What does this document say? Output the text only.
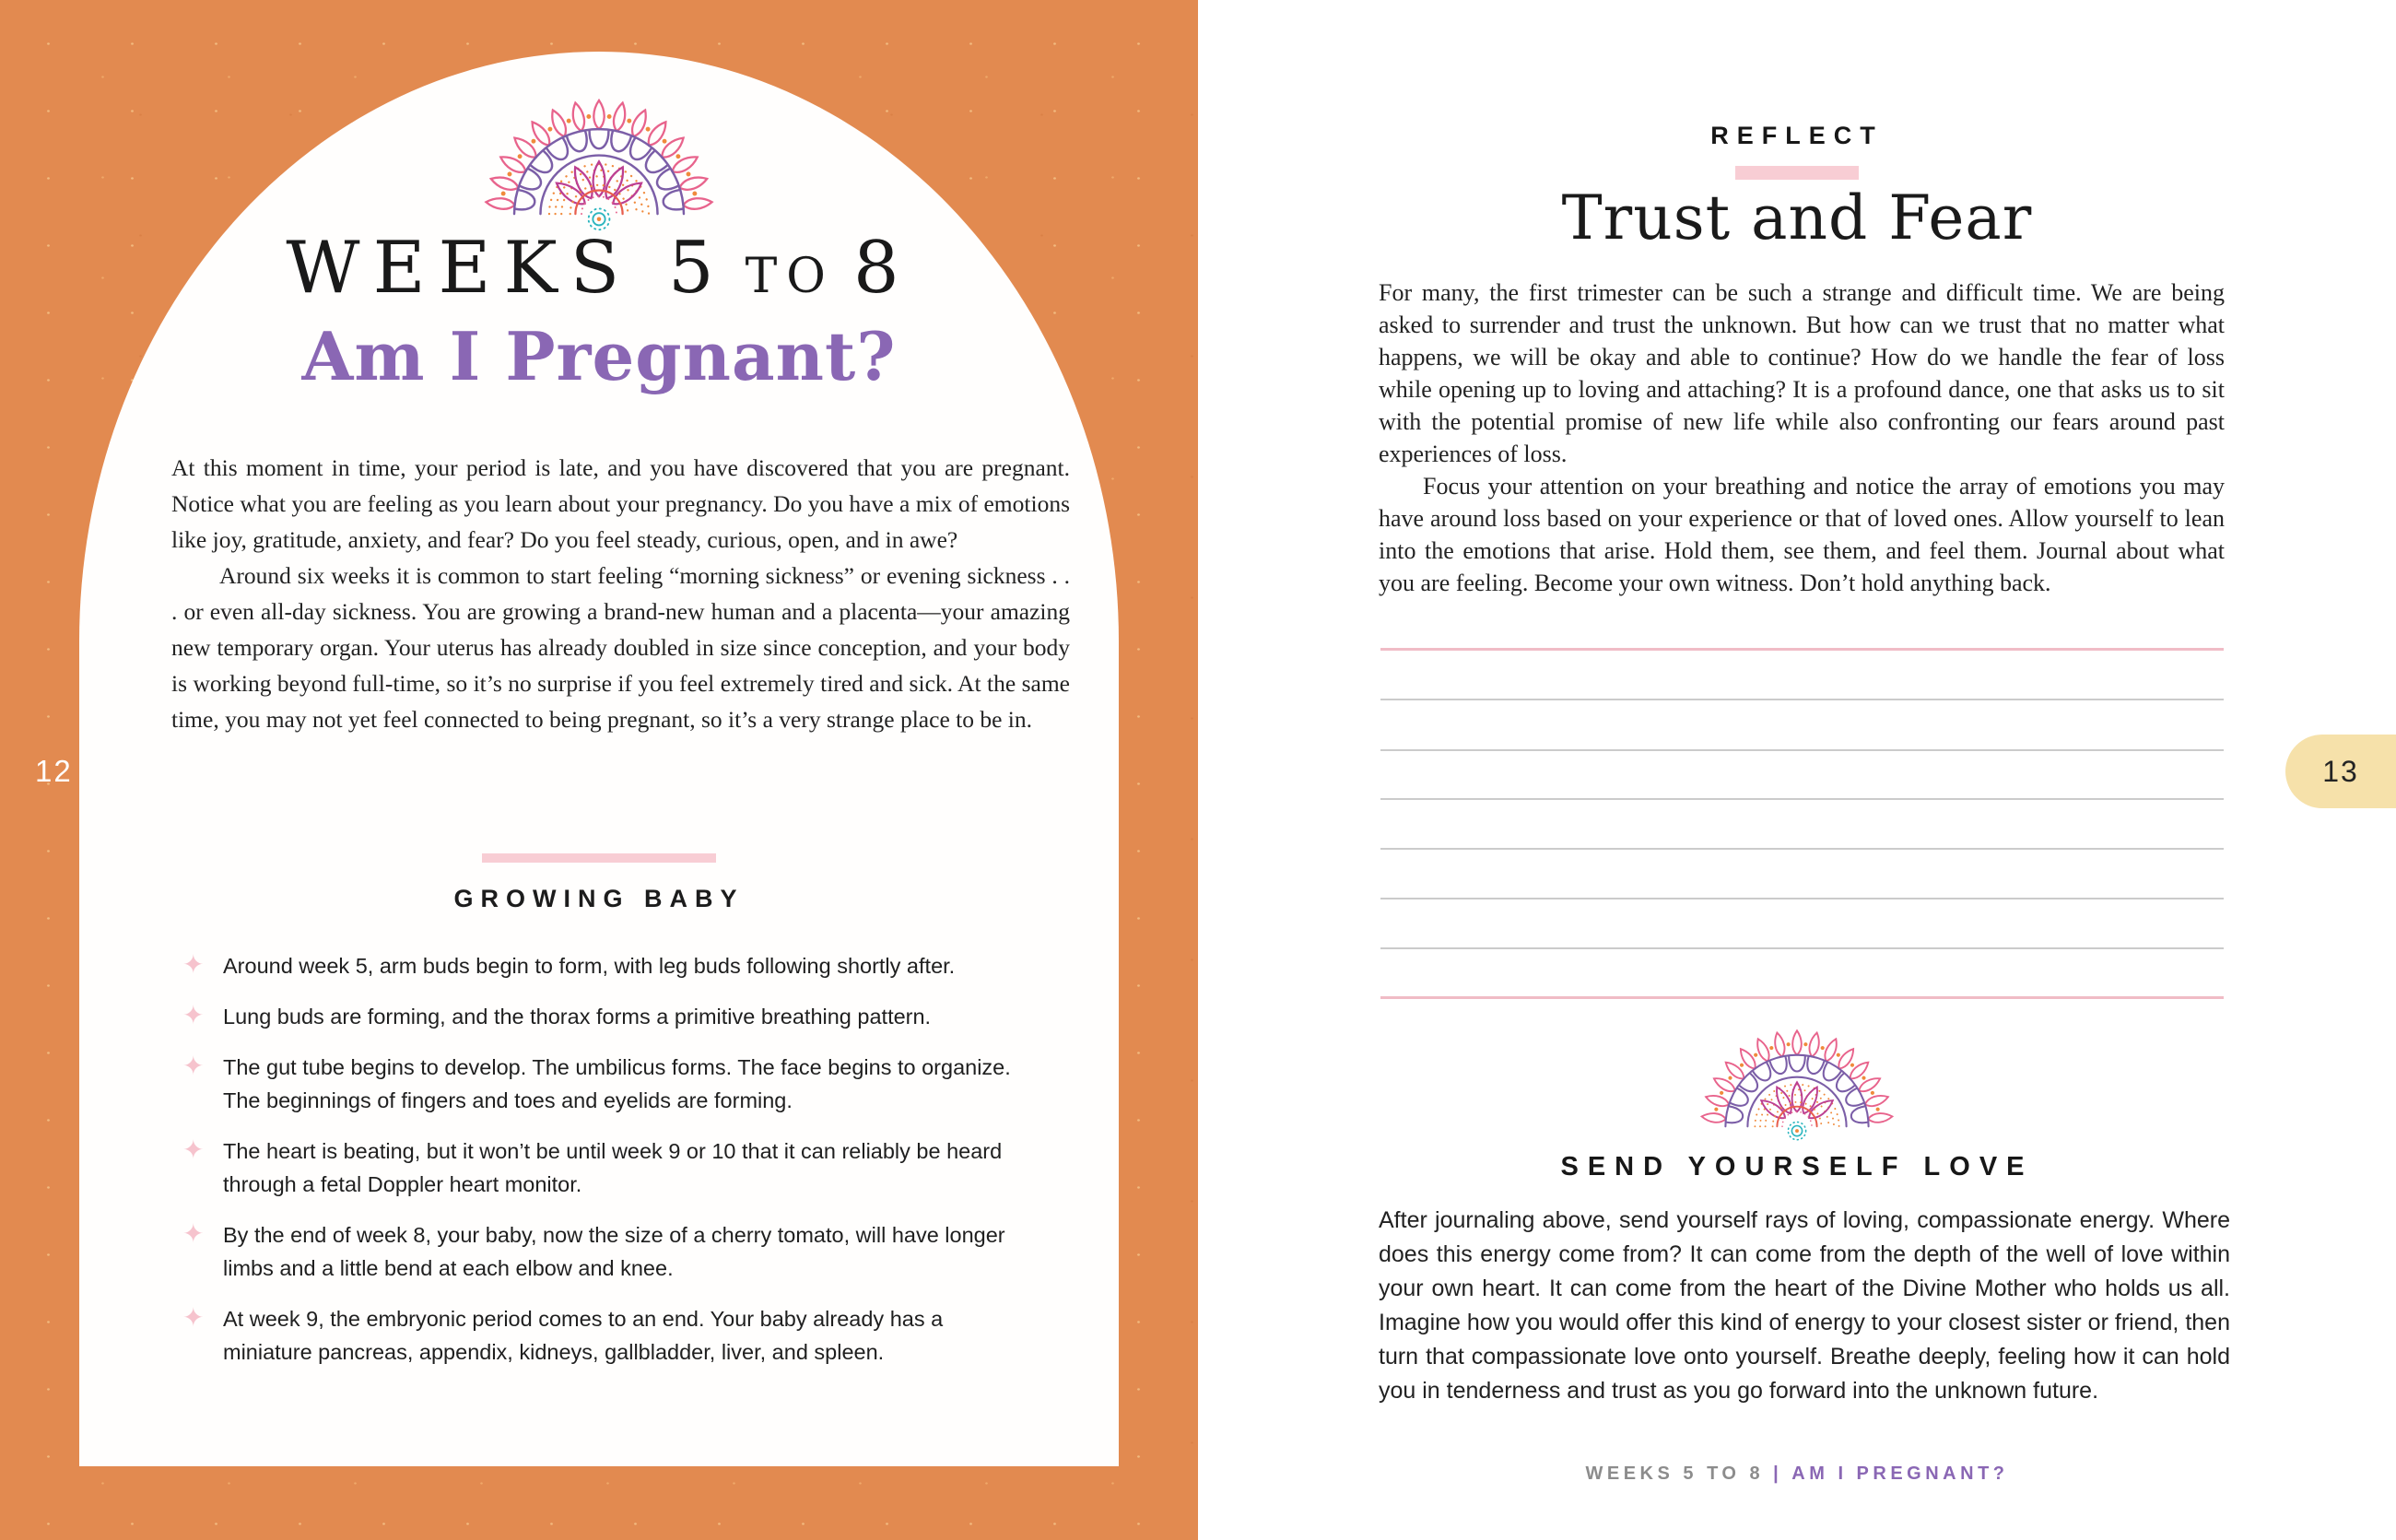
12
WEEKS 5 TO 8
Am I Pregnant?

At this moment in time, your period is late, and you have discovered that you are pregnant. Notice what you are feeling as you learn about your pregnancy. Do you have a mix of emotions like joy, gratitude, anxiety, and fear? Do you feel steady, curious, open, and in awe?

Around six weeks it is common to start feeling “morning sickness” or evening sickness . . . or even all-day sickness. You are growing a brand-new human and a placenta—your amazing new temporary organ. Your uterus has already doubled in size since conception, and your body is working beyond full-time, so it’s no surprise if you feel extremely tired and sick. At the same time, you may not yet feel connected to being pregnant, so it’s a very strange place to be in.

GROWING BABY
✦ Around week 5, arm buds begin to form, with leg buds following shortly after.
✦ Lung buds are forming, and the thorax forms a primitive breathing pattern.
✦ The gut tube begins to develop. The umbilicus forms. The face begins to organize. The beginnings of fingers and toes and eyelids are forming.
✦ The heart is beating, but it won’t be until week 9 or 10 that it can reliably be heard through a fetal Doppler heart monitor.
✦ By the end of week 8, your baby, now the size of a cherry tomato, will have longer limbs and a little bend at each elbow and knee.
✦ At week 9, the embryonic period comes to an end. Your baby already has a miniature pancreas, appendix, kidneys, gallbladder, liver, and spleen.
REFLECT
Trust and Fear

For many, the first trimester can be such a strange and difficult time. We are being asked to surrender and trust the unknown. But how can we trust that no matter what happens, we will be okay and able to continue? How do we handle the fear of loss while opening up to loving and attaching? It is a profound dance, one that asks us to sit with the potential promise of new life while also confronting our fears around past experiences of loss.

Focus your attention on your breathing and notice the array of emotions you may have around loss based on your experience or that of loved ones. Allow yourself to lean into the emotions that arise. Hold them, see them, and feel them. Journal about what you are feeling. Become your own witness. Don’t hold anything back.

SEND YOURSELF LOVE
After journaling above, send yourself rays of loving, compassionate energy. Where does this energy come from? It can come from the depth of the well of love within your own heart. It can come from the heart of the Divine Mother who holds us all. Imagine how you would offer this kind of energy to your closest sister or friend, then turn that compassionate love onto yourself. Breathe deeply, feeling how it can hold you in tenderness and trust as you go forward into the unknown future.
WEEKS 5 TO 8 | AM I PREGNANT?
13
